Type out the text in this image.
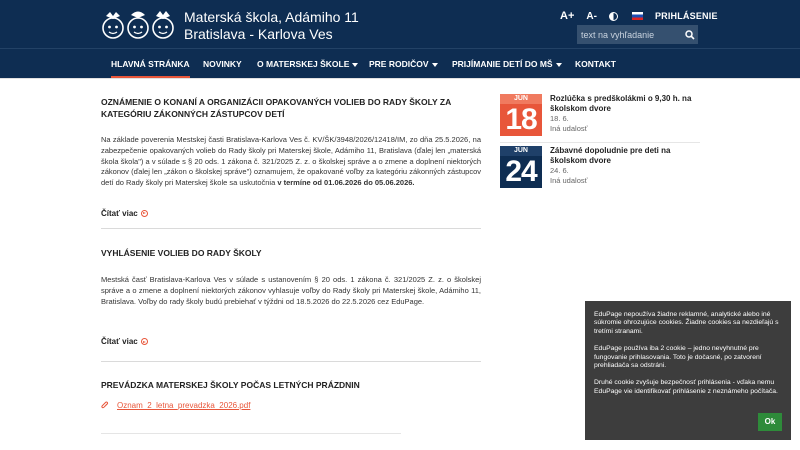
Materská škola, Adámiho 11
Bratislava - Karlova Ves
A+ A-	PRIHLÁSENIE
text na vyhľadanie
HLAVNÁ STRÁNKA NOVINKY O MATERSKEJ ŠKOLE	PRE RODIČOV	PRIJÍMANIE DETÍ DO MŠ	KONTAKT
OZNÁMENIE O KONANÍ A ORGANIZÁCII OPAKOVANÝCH VOLIEB DO RADY ŠKOLY ZA KATEGÓRIU ZÁKONNÝCH ZÁSTUPCOV DETÍ

Na základe poverenia Mestskej časti Bratislava-Karlova Ves č. KV/ŠK/3948/2026/12418/IM, zo dňa 25.5.2026, na zabezpečenie opakovaných volieb do Rady školy pri Materskej škole, Adámiho 11, Bratislava (ďalej len „materská škola škola") a v súlade s § 20 ods. 1 zákona č. 321/2025 Z. z. o školskej správe a o zmene a doplnení niektorých zákonov (ďalej len „zákon o školskej správe") oznamujem, že opakované voľby za kategóriu zákonných zástupcov detí do Rady školy pri Materskej škole sa uskutočnia v termíne od 01.06.2026 do 05.06.2026.

Čítať viac
VYHLÁSENIE VOLIEB DO RADY ŠKOLY

Mestská časť Bratislava-Karlova Ves v súlade s ustanovením § 20 ods. 1 zákona č. 321/2025 Z. z. o školskej správe a o zmene a doplnení niektorých zákonov vyhlasuje voľby do Rady školy pri Materskej škole, Adámiho 11, Bratislava. Voľby do rady školy budú prebiehať v týždni od 18.5.2026 do 22.5.2026 cez EduPage.

Čítať viac
PREVÁDZKA MATERSKEJ ŠKOLY POČAS LETNÝCH PRÁZDNIN
Oznam_2_letna_prevadzka_2026.pdf
JÚN
18
Rozlúčka s predškolákmi o 9,30 h. na školskom dvore
18. 6.
Iná udalosť
JÚN
24
Zábavné dopoludnie pre deti na školskom dvore
24. 6.
Iná udalosť

EduPage nepoužíva žiadne reklamné, analytické alebo iné súkromie ohrozujúce cookies. Žiadne cookies sa nezdieľajú s tretími stranami.

EduPage používa iba 2 cookie – jedno nevyhnutné pre fungovanie prihlasovania. Toto je dočasné, po zatvorení prehliadača sa odstráni.

Druhé cookie zvyšuje bezpečnosť prihlásenia - vďaka nemu EduPage vie identifikovať prihlásenie z neznámeho počítača.

Ok
